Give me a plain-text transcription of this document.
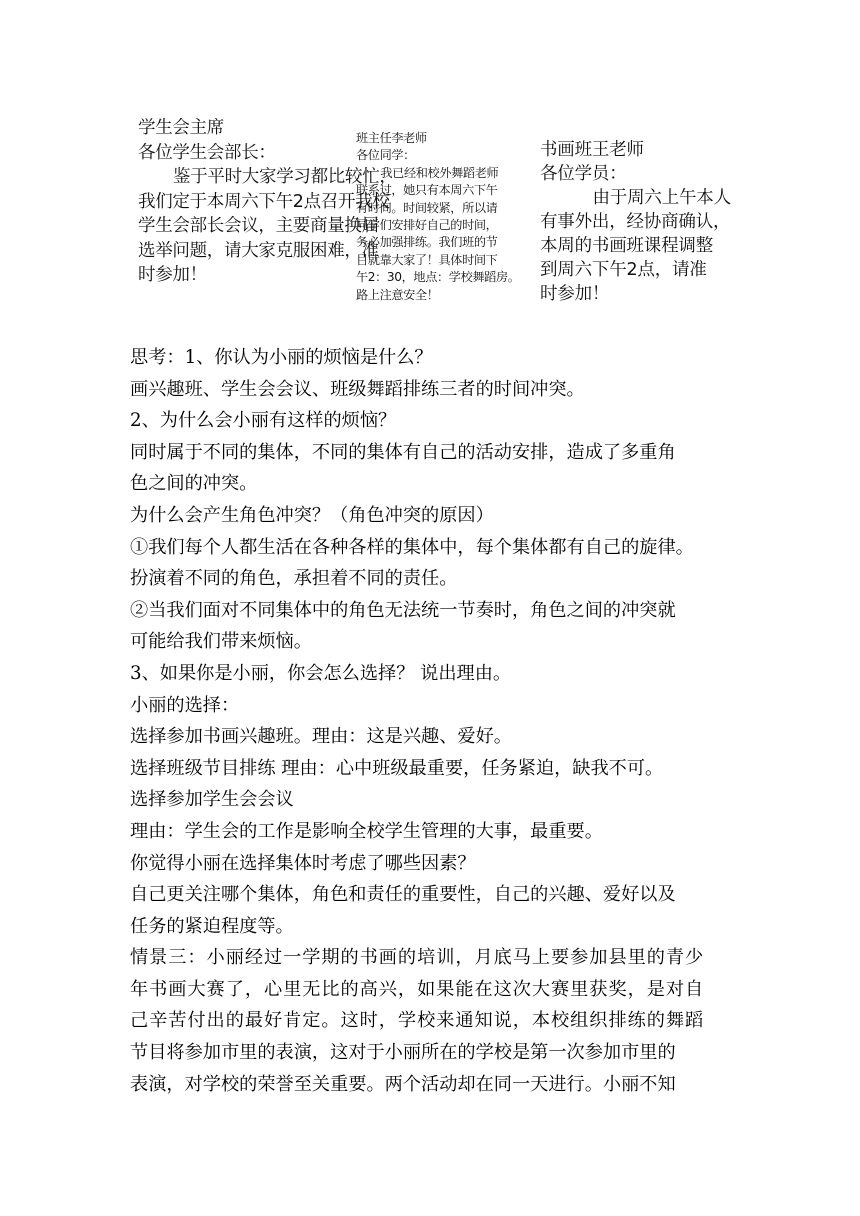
学生会主席
各位学生会部长：
鉴于平时大家学习都比较忙，
我们定于本周六下午2点召开我校
学生会部长会议，主要商量换届
选举问题，请大家克服困难，准
时参加！
班主任李老师
各位同学：
我已经和校外舞蹈老师
联系过，她只有本周六下午
有时间。时间较紧，所以请
同学们安排好自己的时间，
务必加强排练。我们班的节
目就靠大家了！具体时间下
午2：30，地点：学校舞蹈房。
路上注意安全！
书画班王老师
各位学员：
由于周六上午本人
有事外出，经协商确认，
本周的书画班课程调整
到周六下午2点，请准
时参加！
思考：1、你认为小丽的烦恼是什么？
画兴趣班、学生会会议、班级舞蹈排练三者的时间冲突。
2、为什么会小丽有这样的烦恼？
同时属于不同的集体，不同的集体有自己的活动安排，造成了多重角
色之间的冲突。
为什么会产生角色冲突？（角色冲突的原因）
①我们每个人都生活在各种各样的集体中，每个集体都有自己的旋律。
扮演着不同的角色，承担着不同的责任。
②当我们面对不同集体中的角色无法统一节奏时，角色之间的冲突就
可能给我们带来烦恼。
3、如果你是小丽，你会怎么选择？ 说出理由。
小丽的选择：
选择参加书画兴趣班。理由：这是兴趣、爱好。
选择班级节目排练 理由：心中班级最重要，任务紧迫，缺我不可。
选择参加学生会会议
理由：学生会的工作是影响全校学生管理的大事，最重要。
你觉得小丽在选择集体时考虑了哪些因素？
自己更关注哪个集体，角色和责任的重要性，自己的兴趣、爱好以及
任务的紧迫程度等。
情景三：小丽经过一学期的书画的培训，月底马上要参加县里的青少
年书画大赛了，心里无比的高兴，如果能在这次大赛里获奖，是对自
己辛苦付出的最好肯定。这时，学校来通知说，本校组织排练的舞蹈
节目将参加市里的表演，这对于小丽所在的学校是第一次参加市里的
表演，对学校的荣誉至关重要。两个活动却在同一天进行。小丽不知
